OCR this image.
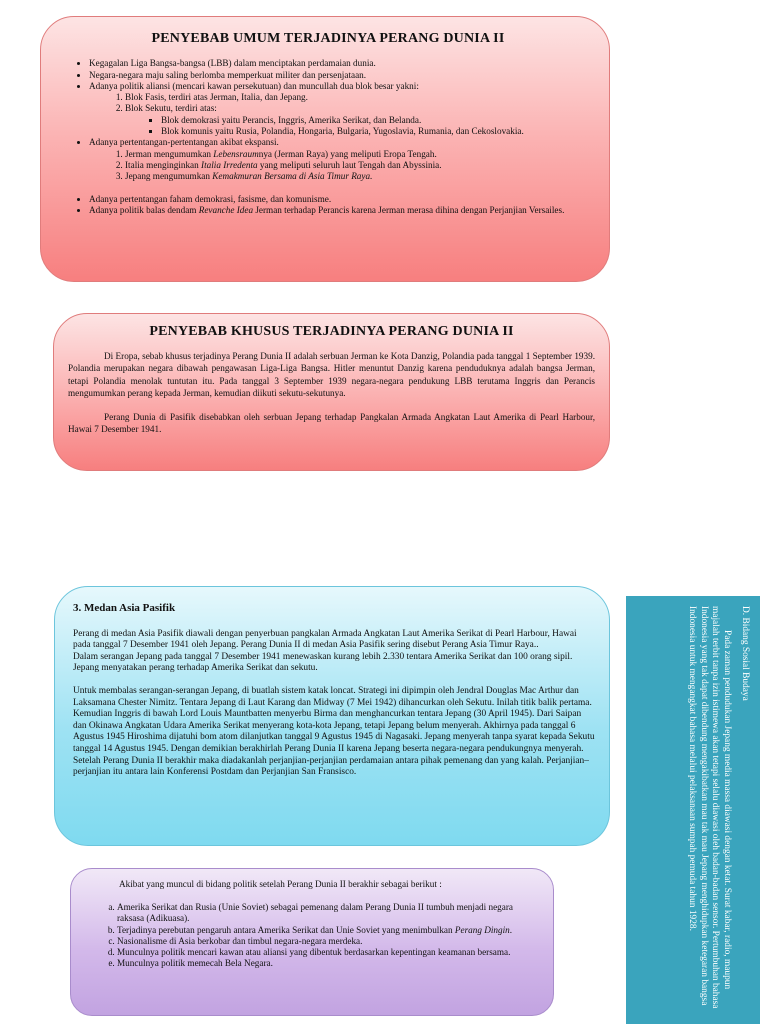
PENYEBAB UMUM TERJADINYA PERANG DUNIA II
• Kegagalan Liga Bangsa-bangsa (LBB) dalam menciptakan perdamaian dunia.
• Negara-negara maju saling berlomba memperkuat militer dan persenjataan.
• Adanya politik aliansi (mencari kawan persekutuan) dan muncullah dua blok besar yakni:
1. Blok Fasis, terdiri atas Jerman, Italia, dan Jepang.
2. Blok Sekutu, terdiri atas:
▪ Blok demokrasi yaitu Perancis, Inggris, Amerika Serikat, dan Belanda.
▪ Blok komunis yaitu Rusia, Polandia, Hongaria, Bulgaria, Yugoslavia, Rumania, dan Cekoslovakia.
• Adanya pertentangan-pertentangan akibat ekspansi.
1. Jerman mengumumkan Lebensraumnya (Jerman Raya) yang meliputi Eropa Tengah.
2. Italia menginginkan Italia Irredenta yang meliputi seluruh laut Tengah dan Abyssinia.
3. Jepang mengumumkan Kemakmuran Bersama di Asia Timur Raya.
• Adanya pertentangan faham demokrasi, fasisme, dan komunisme.
• Adanya politik balas dendam Revanche Idea Jerman terhadap Perancis karena Jerman merasa dihina dengan Perjanjian Versailes.
PENYEBAB KHUSUS TERJADINYA PERANG DUNIA II

Di Eropa, sebab khusus terjadinya Perang Dunia II adalah serbuan Jerman ke Kota Danzig, Polandia pada tanggal 1 September 1939. Polandia merupakan negara dibawah pengawasan Liga-Liga Bangsa. Hitler menuntut Danzig karena penduduknya adalah bangsa Jerman, tetapi Polandia menolak tuntutan itu. Pada tanggal 3 September 1939 negara-negara pendukung LBB terutama Inggris dan Perancis mengumumkan perang kepada Jerman, kemudian diikuti sekutu-sekutunya.

Perang Dunia di Pasifik disebabkan oleh serbuan Jepang terhadap Pangkalan Armada Angkatan Laut Amerika di Pearl Harbour, Hawai 7 Desember 1941.

3. Medan Asia Pasifik

Perang di medan Asia Pasifik diawali dengan penyerbuan pangkalan Armada Angkatan Laut Amerika Serikat di Pearl Harbour, Hawai pada tanggal 7 Desember 1941 oleh Jepang. Perang Dunia II di medan Asia Pasifik sering disebut Perang Asia Timur Raya..

Dalam serangan Jepang pada tanggal 7 Desember 1941 menewaskan kurang lebih 2.330 tentara Amerika Serikat dan 100 orang sipil. Jepang menyatakan perang terhadap Amerika Serikat dan sekutu.

Untuk membalas serangan-serangan Jepang, di buatlah sistem katak loncat. Strategi ini dipimpin oleh Jendral Douglas Mac Arthur dan Laksamana Chester Nimitz. Tentara Jepang di Laut Karang dan Midway (7 Mei 1942) dihancurkan oleh Sekutu. Inilah titik balik pertama. Kemudian Inggris di bawah Lord Louis Mauntbatten menyerbu Birma dan menghancurkan tentara Jepang (30 April 1945). Dari Saipan dan Okinawa Angkatan Udara Amerika Serikat menyerang kota-kota Jepang, tetapi Jepang belum menyerah. Akhirnya pada tanggal 6 Agustus 1945 Hiroshima dijatuhi bom atom dilanjutkan tanggal 9 Agustus 1945 di Nagasaki. Jepang menyerah tanpa syarat kepada Sekutu tanggal 14 Agustus 1945. Dengan demikian berakhirlah Perang Dunia II karena Jepang beserta negara-negara pendukungnya menyerah. Setelah Perang Dunia II berakhir maka diadakanlah perjanjian-perjanjian perdamaian antara pihak pemenang dan yang kalah. Perjanjian–perjanjian itu antara lain Konferensi Postdam dan Perjanjian San Fransisco.

Akibat yang muncul di bidang politik setelah Perang Dunia II berakhir sebagai berikut :

a. Amerika Serikat dan Rusia (Unie Soviet) sebagai pemenang dalam Perang Dunia II tumbuh menjadi negara raksasa (Adikuasa).
b. Terjadinya perebutan pengaruh antara Amerika Serikat dan Unie Soviet yang menimbulkan Perang Dingin.
c. Nasionalisme di Asia berkobar dan timbul negara-negara merdeka.
d. Munculnya politik mencari kawan atau aliansi yang dibentuk berdasarkan kepentingan keamanan bersama.
e. Munculnya politik memecah Bela Negara.

D. Bidang Sosial Budaya

Pada zaman pendudukan Jepang media massa diawasi dengan ketat. Surat kabar, radio, maupun majalah terbit tanpa izin istimewa akan tetapi selalu diawasi oleh badan-badan sensor. Pertumbuhan bahasa Indonesia yang tak dapat dibendung mengakibatkan mau tak mau Jepang menghidupkan ketegaran bangsa Indonesia untuk mengangkat bahasa melalui pelaksanaan sumpah pemuda tahun 1928.
